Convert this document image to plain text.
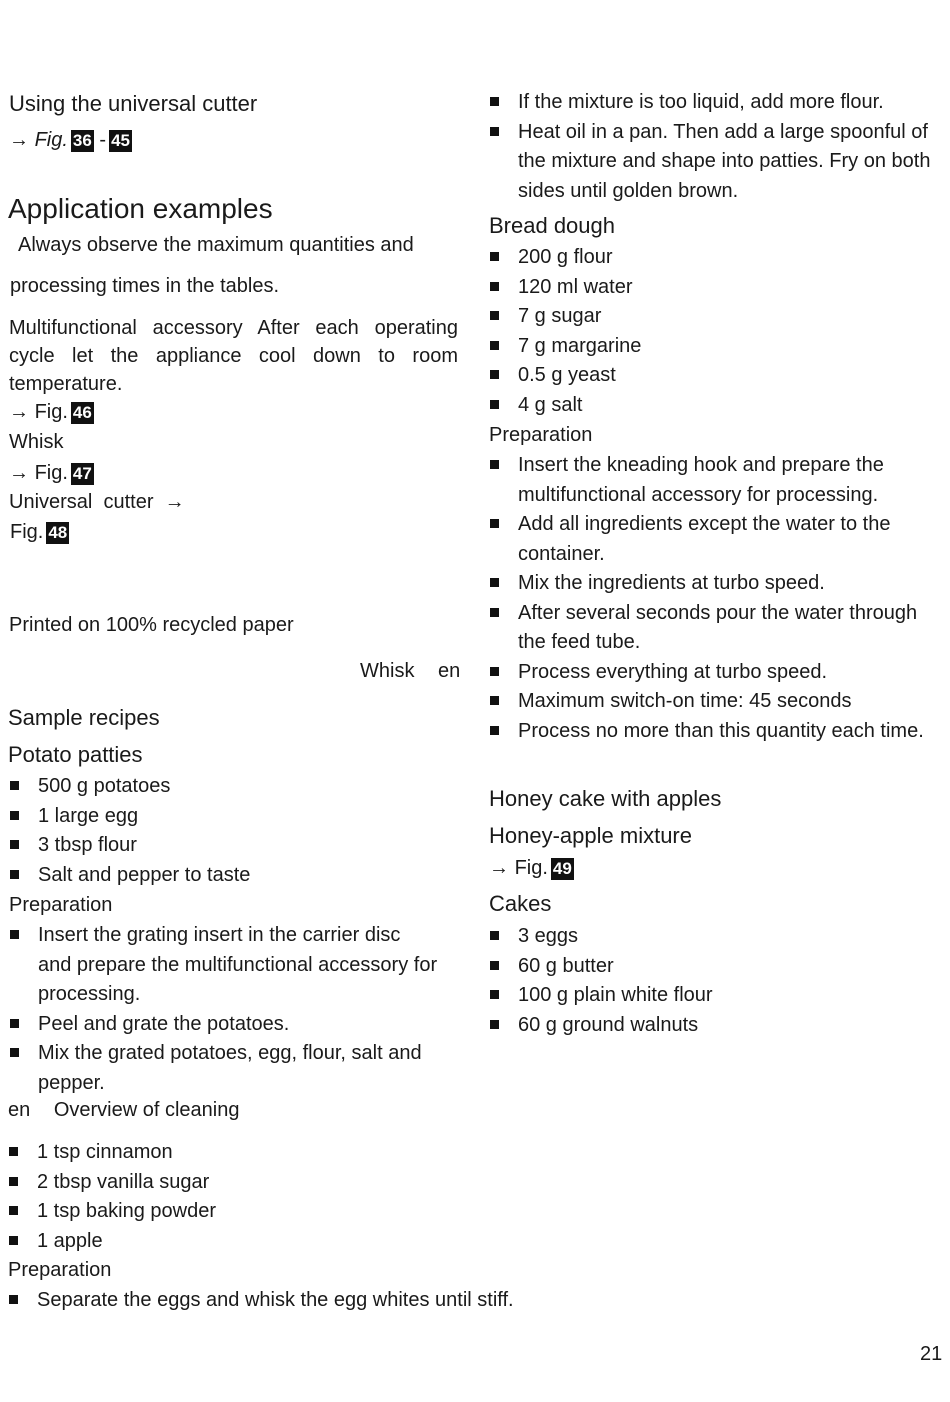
Using the universal cutter
→ Fig. 36 - 45
Application examples
Always observe the maximum quantities and
processing times in the tables.
Multifunctional accessory After each operating cycle let the appliance cool down to room temperature.
→ Fig. 46
Whisk
→ Fig. 47
Universal  cutter  →
Fig. 48
Printed on 100% recycled paper
Whisk en
Sample recipes
Potato patties
500 g potatoes
1 large egg
3 tbsp flour
Salt and pepper to taste
Preparation
Insert the grating insert in the carrier disc and prepare the multifunctional accessory for processing.
Peel and grate the potatoes.
Mix the grated potatoes, egg, flour, salt and pepper.
en Overview of cleaning
1 tsp cinnamon
2 tbsp vanilla sugar
1 tsp baking powder
1 apple
Preparation
Separate the eggs and whisk the egg whites until stiff.
If the mixture is too liquid, add more flour.
Heat oil in a pan. Then add a large spoonful of the mixture and shape into patties. Fry on both sides until golden brown.
Bread dough
200 g flour
120 ml water
7 g sugar
7 g margarine
0.5 g yeast
4 g salt
Preparation
Insert the kneading hook and prepare the multifunctional accessory for processing.
Add all ingredients except the water to the container.
Mix the ingredients at turbo speed.
After several seconds pour the water through the feed tube.
Process everything at turbo speed.
Maximum switch-on time: 45 seconds
Process no more than this quantity each time.
Honey cake with apples
Honey-apple mixture
→ Fig. 49
Cakes
3 eggs
60 g butter
100 g plain white flour
60 g ground walnuts
21
